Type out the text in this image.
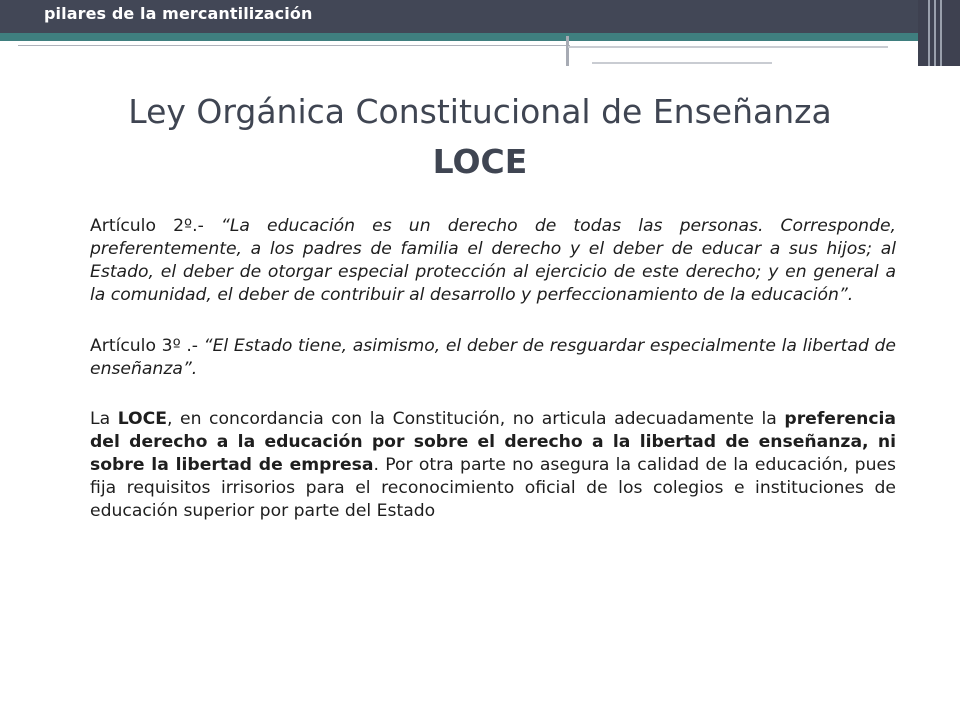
pilares de la mercantilización
Ley Orgánica Constitucional de Enseñanza
LOCE

Artículo 2º.- “La educación es un derecho de todas las personas. Corresponde, preferentemente, a los padres de familia el derecho y el deber de educar a sus hijos; al Estado, el deber de otorgar especial protección al ejercicio de este derecho; y en general a la comunidad, el deber de contribuir al desarrollo y perfeccionamiento de la educación”.

Artículo 3º .- “El Estado tiene, asimismo, el deber de resguardar especialmente la libertad de enseñanza”.

La LOCE, en concordancia con la Constitución, no articula adecuadamente la preferencia del derecho a la educación por sobre el derecho a la libertad de enseñanza, ni sobre la libertad de empresa. Por otra parte no asegura la calidad de la educación, pues fija requisitos irrisorios para el reconocimiento oficial de los colegios e instituciones de educación superior por parte del Estado
